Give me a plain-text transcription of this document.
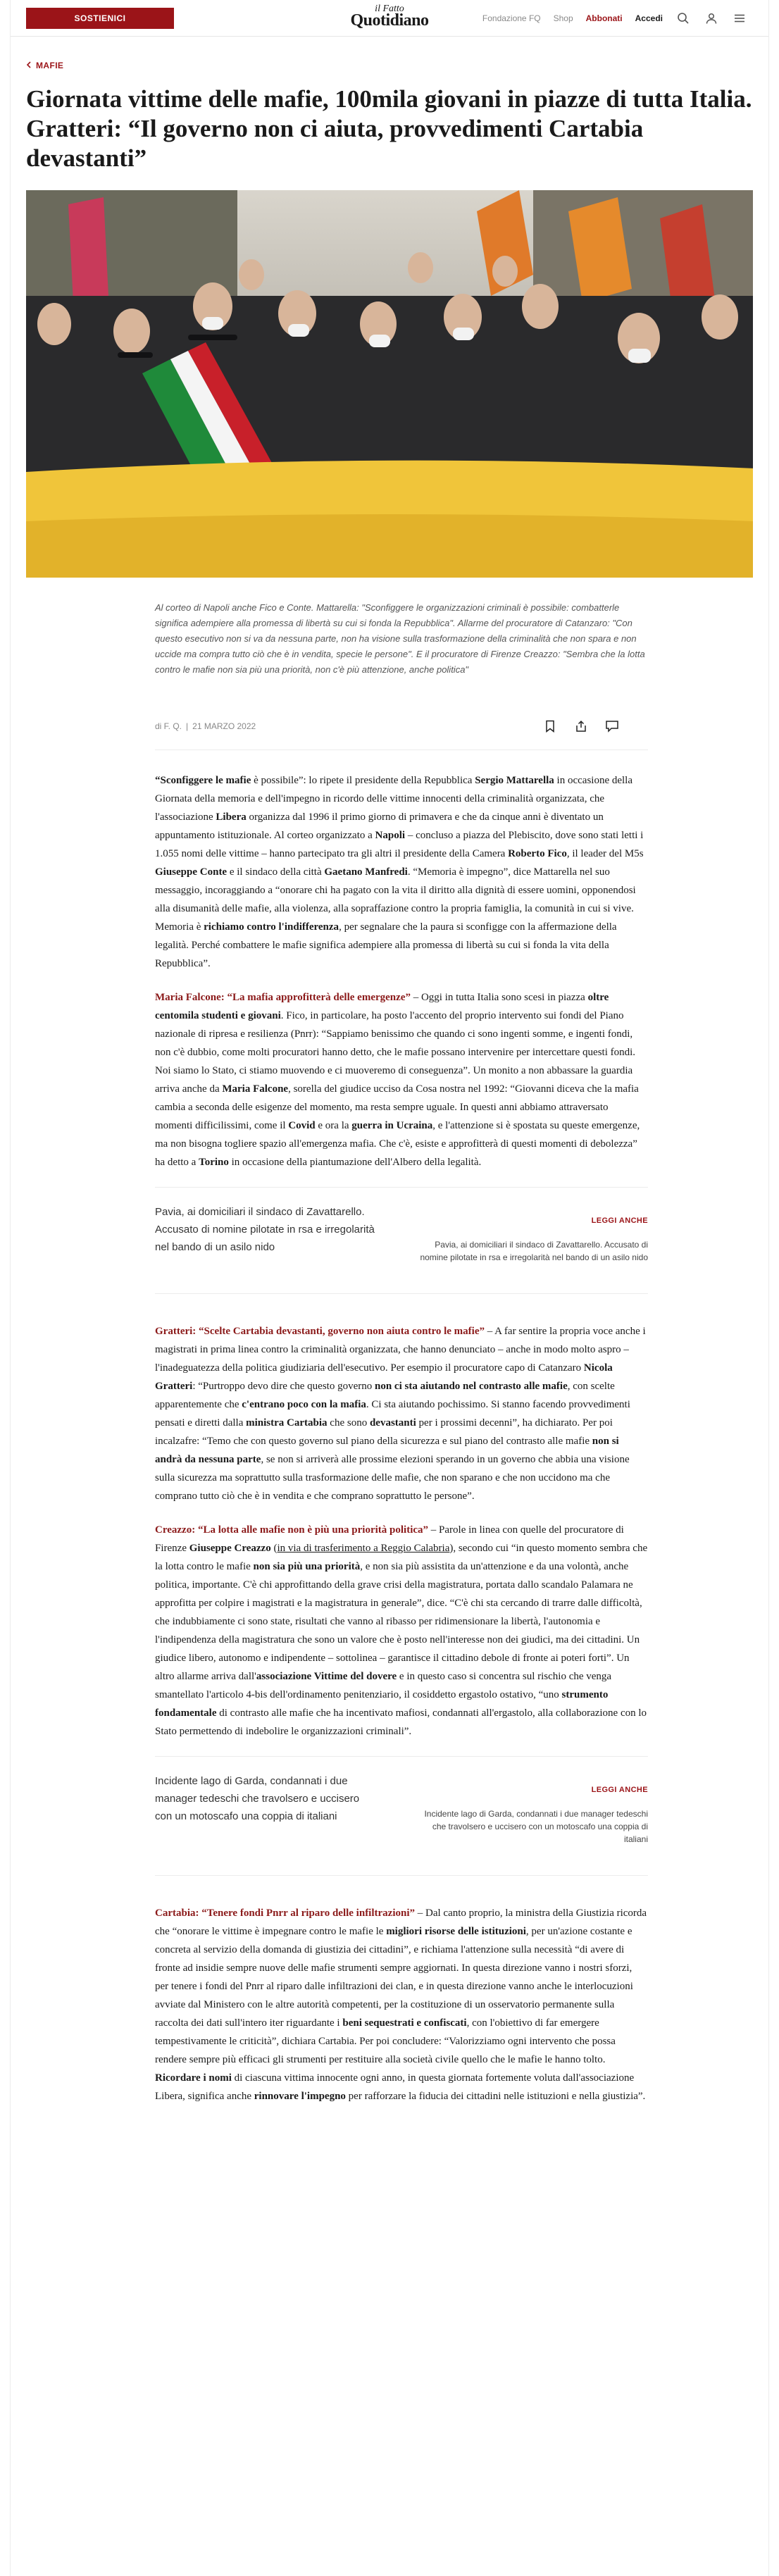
SOSTIENICI
il Fatto
Quotidiano	Fondazione FQ Shop Abbonati Accedi
MAFIE
Giornata vittime delle mafie, 100mila giovani in piazze di tutta Italia. Gratteri: “Il governo non ci aiuta, provvedimenti Cartabia devastanti”

Al corteo di Napoli anche Fico e Conte. Mattarella: "Sconfiggere le organizzazioni criminali è possibile: combatterle significa adempiere alla promessa di libertà su cui si fonda la Repubblica". Allarme del procuratore di Catanzaro: "Con questo esecutivo non si va da nessuna parte, non ha visione sulla trasformazione della criminalità che non spara e non uccide ma compra tutto ciò che è in vendita, specie le persone". E il procuratore di Firenze Creazzo: "Sembra che la lotta contro le mafie non sia più una priorità, non c'è più attenzione, anche politica"

di F. Q. | 21 MARZO 2022

“Sconfiggere le mafie è possibile”: lo ripete il presidente della Repubblica Sergio Mattarella in occasione della Giornata della memoria e dell'impegno in ricordo delle vittime innocenti della criminalità organizzata, che l'associazione Libera organizza dal 1996 il primo giorno di primavera e che da cinque anni è diventato un appuntamento istituzionale. Al corteo organizzato a Napoli – concluso a piazza del Plebiscito, dove sono stati letti i 1.055 nomi delle vittime – hanno partecipato tra gli altri il presidente della Camera Roberto Fico, il leader del M5s Giuseppe Conte e il sindaco della città Gaetano Manfredi. “Memoria è impegno”, dice Mattarella nel suo messaggio, incoraggiando a “onorare chi ha pagato con la vita il diritto alla dignità di essere uomini, opponendosi alla disumanità delle mafie, alla violenza, alla sopraffazione contro la propria famiglia, la comunità in cui si vive. Memoria è richiamo contro l'indifferenza, per segnalare che la paura si sconfigge con la affermazione della legalità. Perché combattere le mafie significa adempiere alla promessa di libertà su cui si fonda la vita della Repubblica”.

Maria Falcone: “La mafia approfitterà delle emergenze” – Oggi in tutta Italia sono scesi in piazza oltre centomila studenti e giovani. Fico, in particolare, ha posto l'accento del proprio intervento sui fondi del Piano nazionale di ripresa e resilienza (Pnrr): “Sappiamo benissimo che quando ci sono ingenti somme, e ingenti fondi, non c'è dubbio, come molti procuratori hanno detto, che le mafie possano intervenire per intercettare questi fondi. Noi siamo lo Stato, ci stiamo muovendo e ci muoveremo di conseguenza”. Un monito a non abbassare la guardia arriva anche da Maria Falcone, sorella del giudice ucciso da Cosa nostra nel 1992: “Giovanni diceva che la mafia cambia a seconda delle esigenze del momento, ma resta sempre uguale. In questi anni abbiamo attraversato momenti difficilissimi, come il Covid e ora la guerra in Ucraina, e l'attenzione si è spostata su queste emergenze, ma non bisogna togliere spazio all'emergenza mafia. Che c'è, esiste e approfitterà di questi momenti di debolezza” ha detto a Torino in occasione della piantumazione dell'Albero della legalità.

Pavia, ai domiciliari il sindaco di Zavattarello. Accusato di nomine pilotate in rsa e irregolarità nel bando di un asilo nido
LEGGI ANCHE
Pavia, ai domiciliari il sindaco di Zavattarello. Accusato di nomine pilotate in rsa e irregolarità nel bando di un asilo nido

Gratteri: “Scelte Cartabia devastanti, governo non aiuta contro le mafie” – A far sentire la propria voce anche i magistrati in prima linea contro la criminalità organizzata, che hanno denunciato – anche in modo molto aspro – l'inadeguatezza della politica giudiziaria dell'esecutivo. Per esempio il procuratore capo di Catanzaro Nicola Gratteri: “Purtroppo devo dire che questo governo non ci sta aiutando nel contrasto alle mafie, con scelte apparentemente che c'entrano poco con la mafia. Ci sta aiutando pochissimo. Si stanno facendo provvedimenti pensati e diretti dalla ministra Cartabia che sono devastanti per i prossimi decenni”, ha dichiarato. Per poi incalzafre: “Temo che con questo governo sul piano della sicurezza e sul piano del contrasto alle mafie non si andrà da nessuna parte, se non si arriverà alle prossime elezioni sperando in un governo che abbia una visione sulla sicurezza ma soprattutto sulla trasformazione delle mafie, che non sparano e che non uccidono ma che comprano tutto ciò che è in vendita e che comprano soprattutto le persone”.

Creazzo: “La lotta alle mafie non è più una priorità politica” – Parole in linea con quelle del procuratore di Firenze Giuseppe Creazzo (in via di trasferimento a Reggio Calabria), secondo cui “in questo momento sembra che la lotta contro le mafie non sia più una priorità, e non sia più assistita da un'attenzione e da una volontà, anche politica, importante. C'è chi approfittando della grave crisi della magistratura, portata dallo scandalo Palamara ne approfitta per colpire i magistrati e la magistratura in generale”, dice. “C'è chi sta cercando di trarre dalle difficoltà, che indubbiamente ci sono state, risultati che vanno al ribasso per ridimensionare la libertà, l'autonomia e l'indipendenza della magistratura che sono un valore che è posto nell'interesse non dei giudici, ma dei cittadini. Un giudice libero, autonomo e indipendente – sottolinea – garantisce il cittadino debole di fronte ai poteri forti”. Un altro allarme arriva dall'associazione Vittime del dovere e in questo caso si concentra sul rischio che venga smantellato l'articolo 4-bis dell'ordinamento penitenziario, il cosiddetto ergastolo ostativo, “uno strumento fondamentale di contrasto alle mafie che ha incentivato mafiosi, condannati all'ergastolo, alla collaborazione con lo Stato permettendo di indebolire le organizzazioni criminali”.

Incidente lago di Garda, condannati i due manager tedeschi che travolsero e uccisero con un motoscafo una coppia di italiani
LEGGI ANCHE
Incidente lago di Garda, condannati i due manager tedeschi che travolsero e uccisero con un motoscafo una coppia di italiani

Cartabia: “Tenere fondi Pnrr al riparo delle infiltrazioni” – Dal canto proprio, la ministra della Giustizia ricorda che “onorare le vittime è impegnare contro le mafie le migliori risorse delle istituzioni, per un'azione costante e concreta al servizio della domanda di giustizia dei cittadini”, e richiama l'attenzione sulla necessità “di avere di fronte ad insidie sempre nuove delle mafie strumenti sempre aggiornati. In questa direzione vanno i nostri sforzi, per tenere i fondi del Pnrr al riparo dalle infiltrazioni dei clan, e in questa direzione vanno anche le interlocuzioni avviate dal Ministero con le altre autorità competenti, per la costituzione di un osservatorio permanente sulla raccolta dei dati sull'intero iter riguardante i beni sequestrati e confiscati, con l'obiettivo di far emergere tempestivamente le criticità”, dichiara Cartabia. Per poi concludere: “Valorizziamo ogni intervento che possa rendere sempre più efficaci gli strumenti per restituire alla società civile quello che le mafie le hanno tolto. Ricordare i nomi di ciascuna vittima innocente ogni anno, in questa giornata fortemente voluta dall'associazione Libera, significa anche rinnovare l'impegno per rafforzare la fiducia dei cittadini nelle istituzioni e nella giustizia”.
